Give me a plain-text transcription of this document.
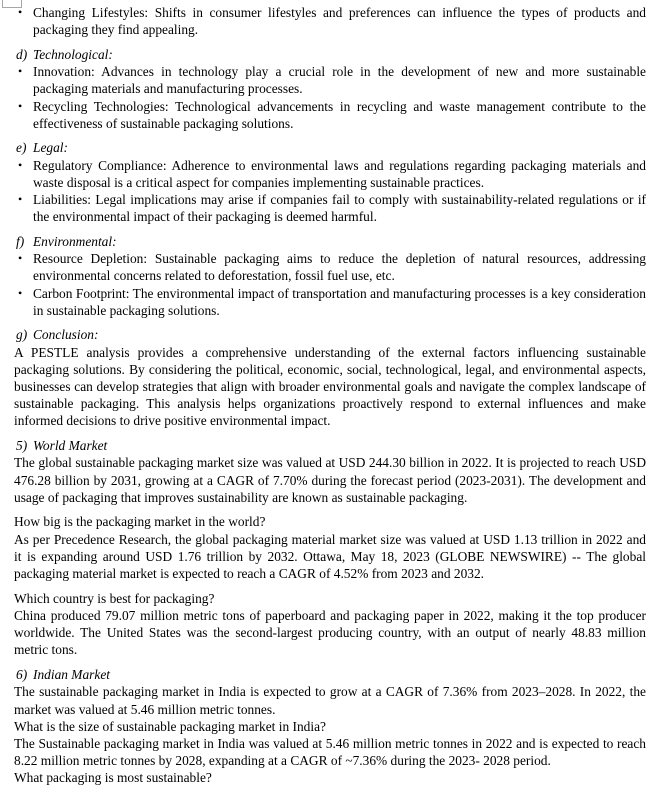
• Changing Lifestyles: Shifts in consumer lifestyles and preferences can influence the types of products and packaging they find appealing.
d) Technological:
• Innovation: Advances in technology play a crucial role in the development of new and more sustainable packaging materials and manufacturing processes.
• Recycling Technologies: Technological advancements in recycling and waste management contribute to the effectiveness of sustainable packaging solutions.
e) Legal:
• Regulatory Compliance: Adherence to environmental laws and regulations regarding packaging materials and waste disposal is a critical aspect for companies implementing sustainable practices.
• Liabilities: Legal implications may arise if companies fail to comply with sustainability-related regulations or if the environmental impact of their packaging is deemed harmful.
f) Environmental:
• Resource Depletion: Sustainable packaging aims to reduce the depletion of natural resources, addressing environmental concerns related to deforestation, fossil fuel use, etc.
• Carbon Footprint: The environmental impact of transportation and manufacturing processes is a key consideration in sustainable packaging solutions.
g) Conclusion:
A PESTLE analysis provides a comprehensive understanding of the external factors influencing sustainable packaging solutions. By considering the political, economic, social, technological, legal, and environmental aspects, businesses can develop strategies that align with broader environmental goals and navigate the complex landscape of sustainable packaging. This analysis helps organizations proactively respond to external influences and make informed decisions to drive positive environmental impact.
5) World Market
The global sustainable packaging market size was valued at USD 244.30 billion in 2022. It is projected to reach USD 476.28 billion by 2031, growing at a CAGR of 7.70% during the forecast period (2023-2031). The development and usage of packaging that improves sustainability are known as sustainable packaging.
How big is the packaging market in the world?
As per Precedence Research, the global packaging material market size was valued at USD 1.13 trillion in 2022 and it is expanding around USD 1.76 trillion by 2032. Ottawa, May 18, 2023 (GLOBE NEWSWIRE) -- The global packaging material market is expected to reach a CAGR of 4.52% from 2023 and 2032.
Which country is best for packaging?
China produced 79.07 million metric tons of paperboard and packaging paper in 2022, making it the top producer worldwide. The United States was the second-largest producing country, with an output of nearly 48.83 million metric tons.
6) Indian Market
The sustainable packaging market in India is expected to grow at a CAGR of 7.36% from 2023–2028. In 2022, the market was valued at 5.46 million metric tonnes.
What is the size of sustainable packaging market in India?
The Sustainable packaging market in India was valued at 5.46 million metric tonnes in 2022 and is expected to reach 8.22 million metric tonnes by 2028, expanding at a CAGR of ~7.36% during the 2023- 2028 period.
What packaging is most sustainable?
